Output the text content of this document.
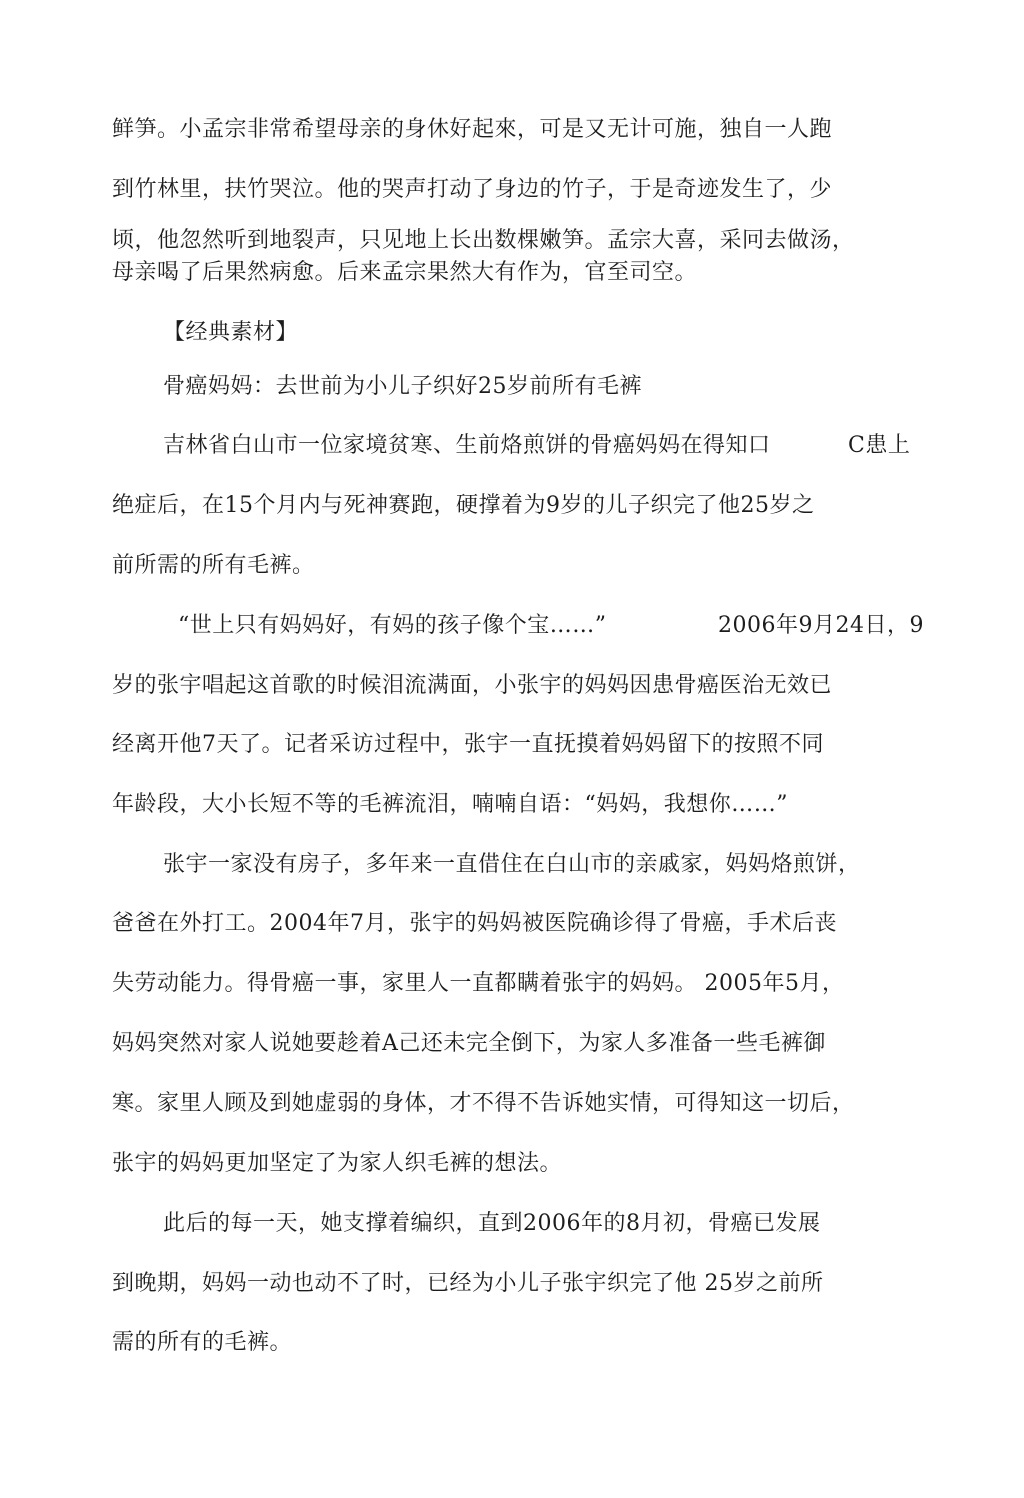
鲜笋。小孟宗非常希望母亲的身休好起來，可是又无计可施，独自一人跑
到竹林里，扶竹哭泣。他的哭声打动了身边的竹子，于是奇迹发生了，少
顷，他忽然听到地裂声，只见地上长出数棵嫩笋。孟宗大喜，采冋去做汤，
母亲喝了后果然病愈。后来孟宗果然大有作为，官至司空。
【经典素材】
骨癌妈妈：去世前为小儿子织好25岁前所有毛裤
吉林省白山市一位家境贫寒、生前烙煎饼的骨癌妈妈在得知口	C患上
绝症后，在15个月内与死神赛跑，硬撑着为9岁的儿子织完了他25岁之
前所需的所有毛裤。
“世上只有妈妈好，有妈的孩子像个宝……”	2006年9月24日，9
岁的张宇唱起这首歌的时候泪流满面，小张宇的妈妈因患骨癌医治无效已
经离开他7天了。记者采访过程中，张宇一直抚摸着妈妈留下的按照不同
年龄段，大小长短不等的毛裤流泪，喃喃自语：“妈妈，我想你……”
张宇一家没有房子，多年来一直借住在白山市的亲戚家，妈妈烙煎饼，
爸爸在外打工。2004年7月，张宇的妈妈被医院确诊得了骨癌，手术后丧
失劳动能力。得骨癌一事，家里人一直都瞒着张宇的妈妈。 2005年5月，
妈妈突然对家人说她要趁着A己还未完全倒下，为家人多准备一些毛裤御
寒。家里人顾及到她虚弱的身体，才不得不告诉她实情，可得知这一切后，
张宇的妈妈更加坚定了为家人织毛裤的想法。
此后的每一天，她支撑着编织，直到2006年的8月初，骨癌已发展
到晚期，妈妈一动也动不了时，已经为小儿子张宇织完了他 25岁之前所
需的所有的毛裤。
